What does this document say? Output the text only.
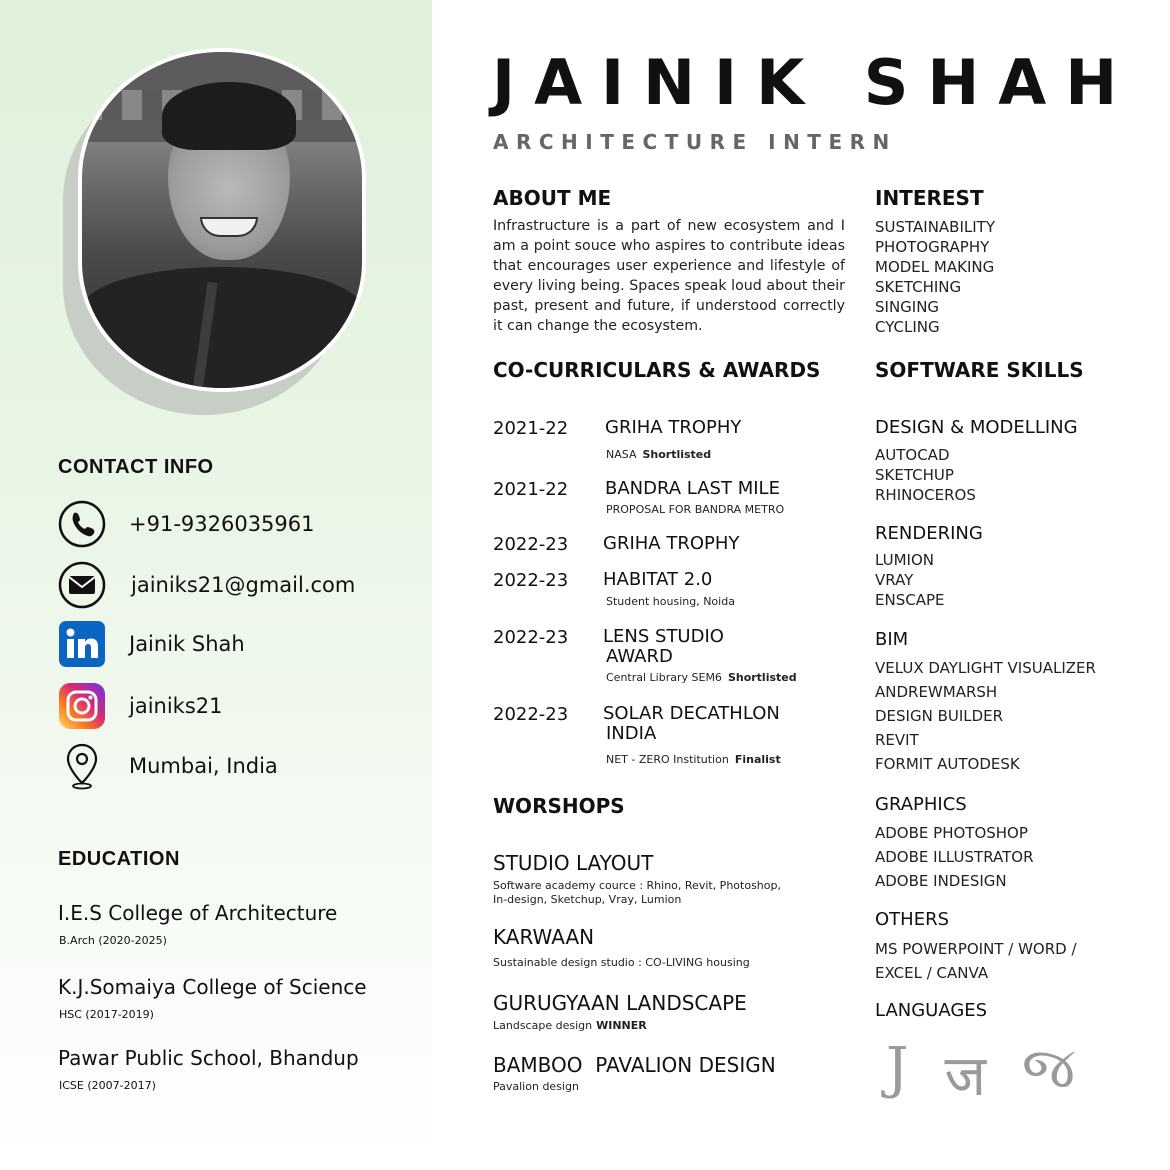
CONTACT INFO
+91-9326035961
jainiks21@gmail.com
Jainik Shah
jainiks21
Mumbai, India
EDUCATION
I.E.S College of Architecture
B.Arch (2020-2025)
K.J.Somaiya College of Science
HSC (2017-2019)
Pawar Public School, Bhandup
ICSE (2007-2017)
JAINIK SHAH
ARCHITECTURE INTERN
ABOUT ME
Infrastructure is a part of new ecosystem and I am a point souce who aspires to contribute ideas that encourages user experience and lifestyle of every living being. Spaces speak loud about their past, present and future, if understood correctly it can change the ecosystem.
INTEREST
SUSTAINABILITY
PHOTOGRAPHY
MODEL MAKING
SKETCHING
SINGING
CYCLING
CO-CURRICULARS & AWARDS
2021-22 GRIHA TROPHY
NASA Shortlisted
2021-22 BANDRA LAST MILE
PROPOSAL FOR BANDRA METRO
2022-23 GRIHA TROPHY
2022-23 HABITAT 2.0
Student housing, Noida
2022-23 LENS STUDIO
AWARD
Central Library SEM6 Shortlisted
2022-23 SOLAR DECATHLON
INDIA
NET - ZERO Institution Finalist
WORSHOPS
STUDIO LAYOUT
Software academy cource : Rhino, Revit, Photoshop, In-design, Sketchup, Vray, Lumion
KARWAAN
Sustainable design studio : CO-LIVING housing
GURUGYAAN LANDSCAPE
Landscape design WINNER
BAMBOO  PAVALION DESIGN
Pavalion design
SOFTWARE SKILLS
DESIGN & MODELLING
AUTOCAD
SKETCHUP
RHINOCEROS
RENDERING
LUMION
VRAY
ENSCAPE
BIM
VELUX DAYLIGHT VISUALIZER
ANDREWMARSH
DESIGN BUILDER
REVIT
FORMIT AUTODESK
GRAPHICS
ADOBE PHOTOSHOP
ADOBE ILLUSTRATOR
ADOBE INDESIGN
OTHERS
MS POWERPOINT / WORD /
EXCEL / CANVA
LANGUAGES
J ज જ
